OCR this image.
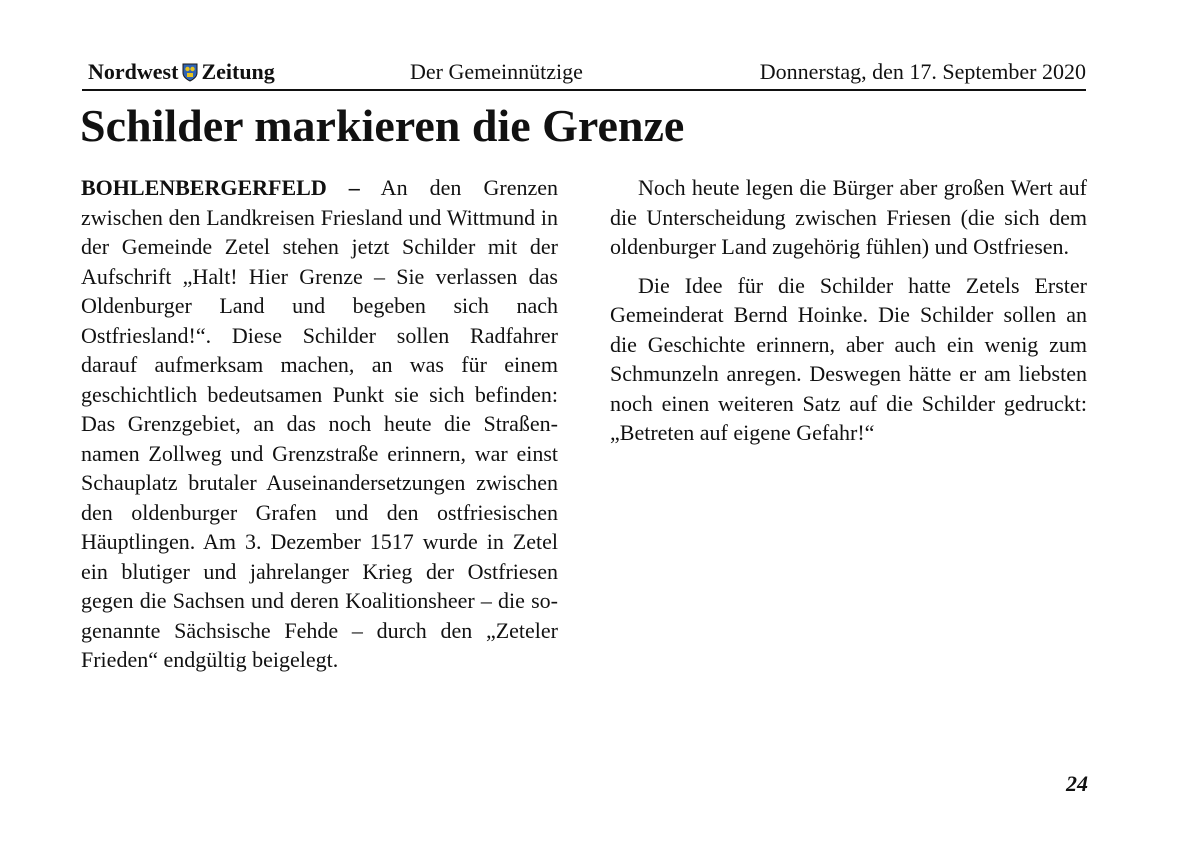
Nordwest Zeitung	Der Gemeinnützige	Donnerstag, den 17. September 2020
Schilder markieren die Grenze

BOHLENBERGERFELD – An den Grenzen zwischen den Landkreisen Friesland und Wittmund in der Gemeinde Zetel stehen jetzt Schilder mit der Aufschrift „Halt! Hier Grenze – Sie verlassen das Oldenburger Land und begeben sich nach Ostfriesland!“. Diese Schilder sollen Radfahrer darauf aufmerksam machen, an was für einem geschichtlich bedeutsamen Punkt sie sich befinden: Das Grenzgebiet, an das noch heute die Straßennamen Zollweg und Grenzstraße erinnern, war einst Schauplatz brutaler Auseinandersetzungen zwischen den oldenburger Grafen und den ostfriesischen Häuptlingen. Am 3. Dezember 1517 wurde in Zetel ein blutiger und jahrelanger Krieg der Ostfriesen gegen die Sachsen und deren Koalitionsheer – die sogenannte Sächsische Fehde – durch den „Zeteler Frieden“ endgültig beigelegt.

Noch heute legen die Bürger aber großen Wert auf die Unterscheidung zwischen Friesen (die sich dem oldenburger Land zugehörig fühlen) und Ostfriesen.

Die Idee für die Schilder hatte Zetels Erster Gemeinderat Bernd Hoinke. Die Schilder sollen an die Geschichte erinnern, aber auch ein wenig zum Schmunzeln anregen. Deswegen hätte er am liebsten noch einen weiteren Satz auf die Schilder gedruckt: „Betreten auf eigene Gefahr!“

24
